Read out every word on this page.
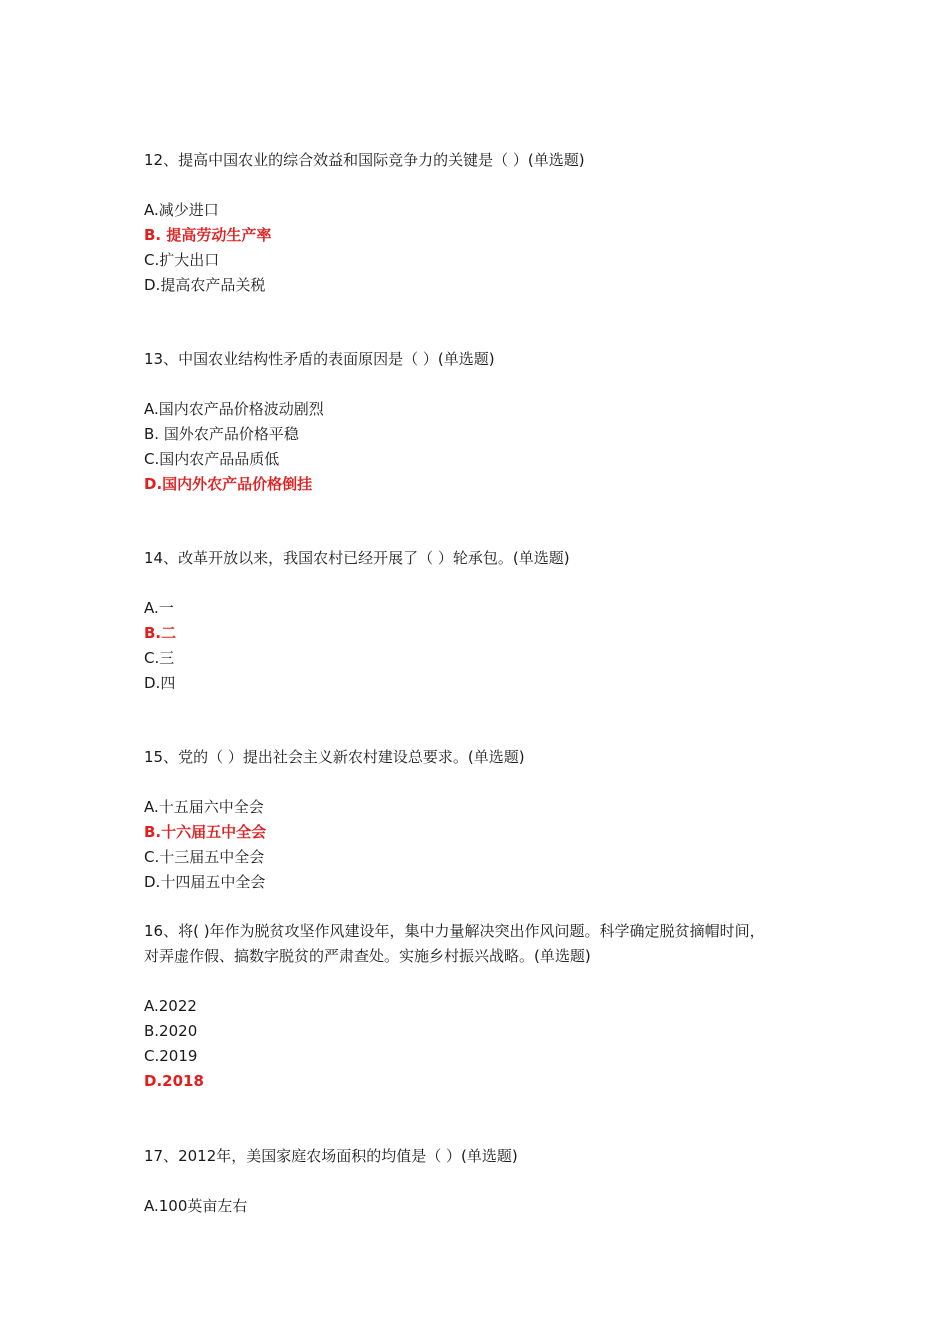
12、提高中国农业的综合效益和国际竞争力的关键是（ ）(单选题)
A.减少进口
B. 提高劳动生产率
C.扩大出口
D.提高农产品关税
13、中国农业结构性矛盾的表面原因是（ ）(单选题)
A.国内农产品价格波动剧烈
B. 国外农产品价格平稳
C.国内农产品品质低
D.国内外农产品价格倒挂
14、改革开放以来，我国农村已经开展了（ ）轮承包。(单选题)
A.一
B.二
C.三
D.四
15、党的（ ）提出社会主义新农村建设总要求。(单选题)
A.十五届六中全会
B.十六届五中全会
C.十三届五中全会
D.十四届五中全会
16、将( )年作为脱贫攻坚作风建设年，集中力量解决突出作风问题。科学确定脱贫摘帽时间，
对弄虚作假、搞数字脱贫的严肃查处。实施乡村振兴战略。(单选题)
A.2022
B.2020
C.2019
D.2018
17、2012年，美国家庭农场面积的均值是（ ）(单选题)
A.100英亩左右
